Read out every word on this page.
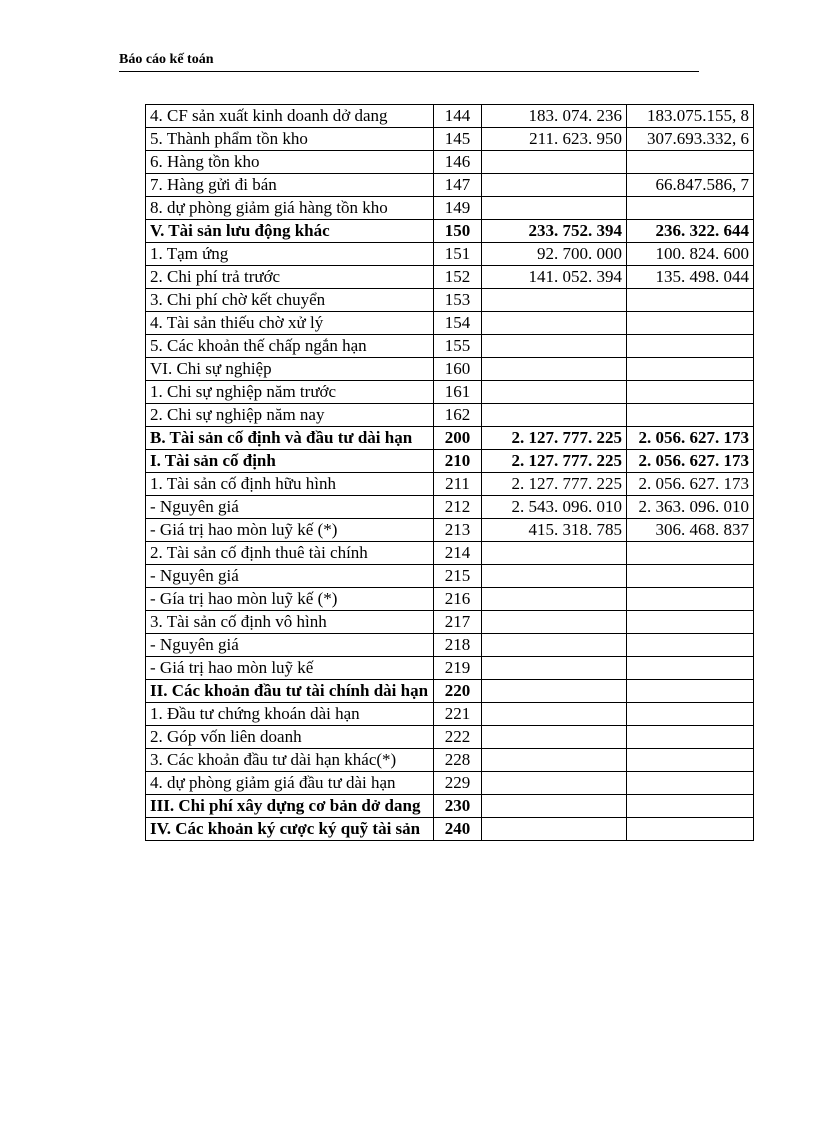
Báo cáo kế toán
4. CF sản xuất kinh doanh dở dang	144	183. 074. 236	183.075.155, 8
5. Thành phẩm tồn kho	145	211. 623. 950	307.693.332, 6
6. Hàng tồn kho	146		
7. Hàng gửi đi bán	147		66.847.586, 7
8. dự phòng giảm giá hàng tồn kho	149		
V. Tài sản lưu động khác	150	233. 752. 394	236. 322. 644
1. Tạm ứng	151	92. 700. 000	100. 824. 600
2. Chi phí trả trước	152	141. 052. 394	135. 498. 044
3. Chi phí chờ kết chuyển	153		
4. Tài sản thiếu chờ xử lý	154		
5. Các khoản thế chấp ngắn hạn	155		
VI. Chi sự nghiệp	160		
1. Chi sự nghiệp năm trước	161		
2. Chi sự nghiệp năm nay	162		
B. Tài sản cố định và đầu tư dài hạn	200	2. 127. 777. 225	2. 056. 627. 173
I. Tài sản cố định	210	2. 127. 777. 225	2. 056. 627. 173
1. Tài sản cố định hữu hình	211	2. 127. 777. 225	2. 056. 627. 173
- Nguyên giá	212	2. 543. 096. 010	2. 363. 096. 010
- Giá trị hao mòn luỹ kế (*)	213	415. 318. 785	306. 468. 837
2. Tài sản cố định thuê tài chính	214		
- Nguyên giá	215		
- Gía trị hao mòn luỹ kế (*)	216		
3. Tài sản cố định vô hình	217		
- Nguyên giá	218		
- Giá trị hao mòn luỹ kế	219		
II. Các khoản đầu tư tài chính dài hạn	220		
1. Đầu tư chứng khoán dài hạn	221		
2. Góp vốn liên doanh	222		
3. Các khoản đầu tư dài hạn khác(*)	228		
4. dự phòng giảm giá đầu tư dài hạn	229		
III. Chi phí xây dựng cơ bản dở dang	230		
IV. Các khoản ký cược ký quỹ tài sản	240		
